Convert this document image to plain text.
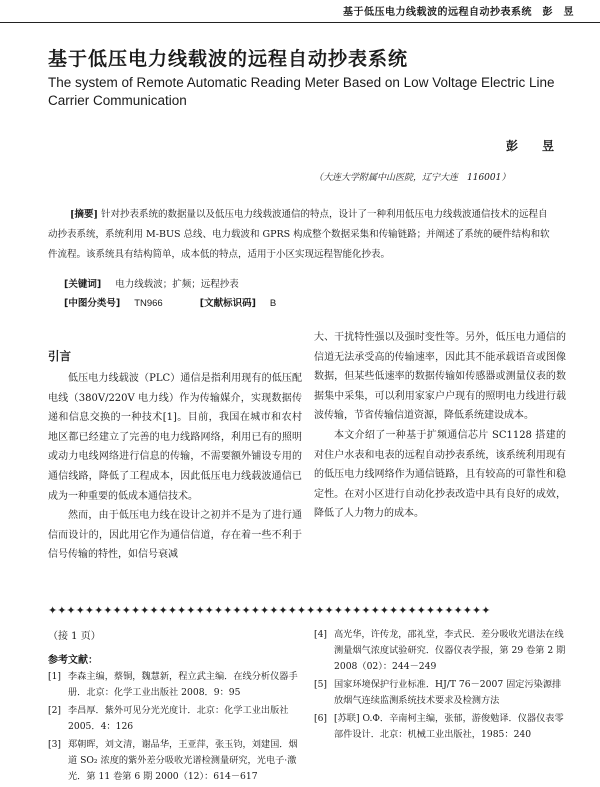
基于低压电力线载波的远程自动抄表系统　彭　昱
基于低压电力线载波的远程自动抄表系统
The system of Remote Automatic Reading Meter Based on Low Voltage Electric Line Carrier Communication
彭　昱
（大连大学附属中山医院，辽宁大连　116001）
[摘要] 针对抄表系统的数据量以及低压电力线载波通信的特点，设计了一种利用低压电力线载波通信技术的远程自动抄表系统，系统利用 M-BUS 总线、电力载波和 GPRS 构成整个数据采集和传输链路；并阐述了系统的硬件结构和软件流程。该系统具有结构简单，成本低的特点，适用于小区实现远程智能化抄表。
[关键词] 电力线载波；扩频；远程抄表
[中图分类号] TN966	[文献标识码] B
引言

低压电力线载波（PLC）通信是指利用现有的低压配电线（380V/220V 电力线）作为传输媒介，实现数据传递和信息交换的一种技术[1]。目前，我国在城市和农村地区都已经建立了完善的电力线路网络，利用已有的照明或动力电线网络进行信息的传输，不需要额外铺设专用的通信线路，降低了工程成本，因此低压电力线载波通信已成为一种重要的低成本通信技术。

然而，由于低压电力线在设计之初并不是为了进行通信而设计的，因此用它作为通信信道，存在着一些不利于信号传输的特性，如信号衰减

大、干扰特性强以及强时变性等。另外，低压电力通信的信道无法承受高的传输速率，因此其不能承载语音或图像数据，但某些低速率的数据传输如传感器或测量仪表的数据集中采集，可以利用家家户户现有的照明电力线进行载波传输，节省传输信道资源，降低系统建设成本。

本文介绍了一种基于扩频通信芯片 SC1128 搭建的对住户水表和电表的远程自动抄表系统，该系统利用现有的低压电力线网络作为通信链路，且有较高的可靠性和稳定性。在对小区进行自动化抄表改造中具有良好的成效，降低了人力物力的成本。

✦✦✦✦✦✦✦✦✦✦✦✦✦✦✦✦✦✦✦✦✦✦✦✦✦✦✦✦✦✦✦✦✦✦✦✦✦✦✦✦✦✦✦✦✦✦✦✦
（接 1 页）
参考文献：
[1] 李森主编，蔡铜，魏慧新，程立武主编．在线分析仪器手册．北京：化学工业出版社 2008．9：95
[2] 李昌厚．紫外可见分光光度计．北京：化学工业出版社 2005．4：126
[3] 郑朝晖，刘文清，谢品华，王亚萍，张玉钧，刘建国．烟道 SO₂ 浓度的紫外差分吸收光谱检测量研究，光电子·激光．第 11 卷第 6 期 2000（12）：614－617
[4] 高光华，许传龙，邵礼堂，李式民．差分吸收光谱法在线测量烟气浓度试验研究．仪器仪表学报，第 29 卷第 2 期 2008（02）：244－249
[5] 国家环境保护行业标准．HJ/T 76－2007 固定污染源排放烟气连续监测系统技术要求及检测方法
[6] [苏联] O.Φ．辛南柯主编，张郁，游俊勉译．仪器仪表零部件设计．北京：机械工业出版社，1985：240
